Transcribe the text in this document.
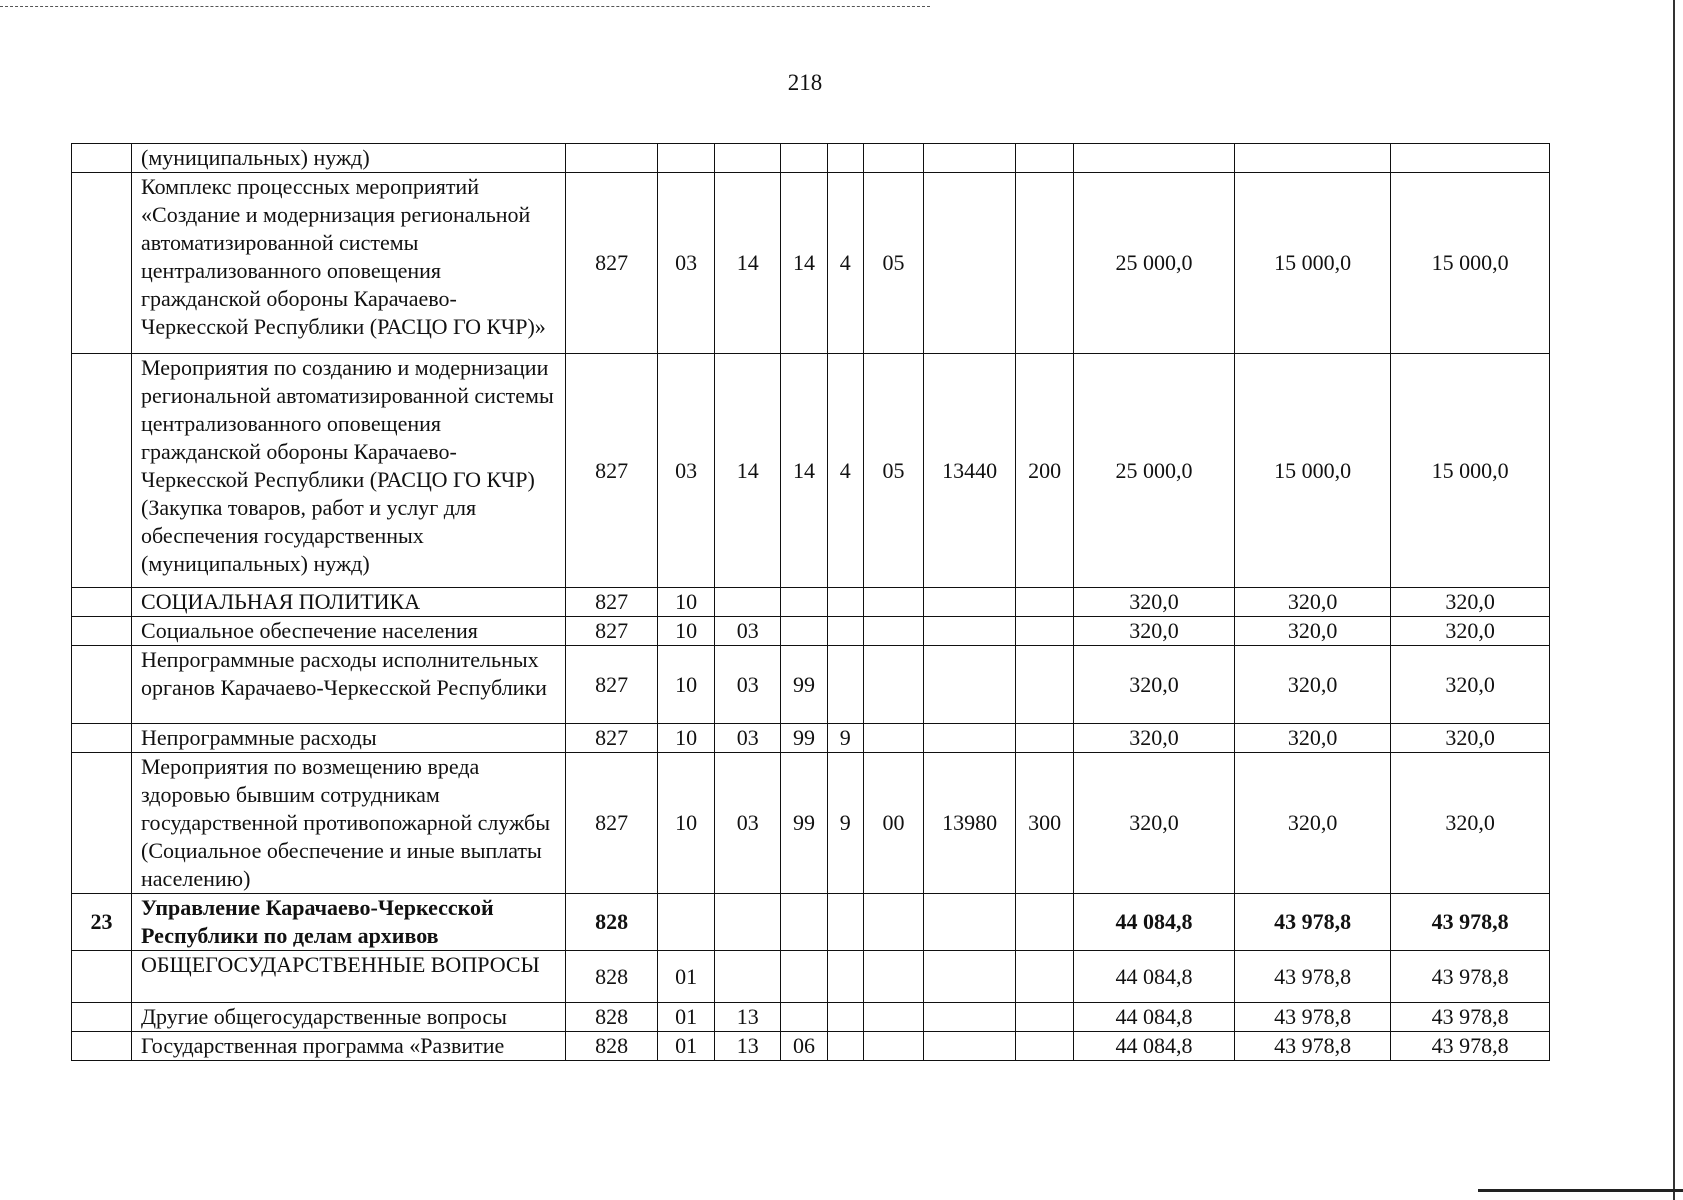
218
	(муниципальных) нужд)											
	Комплекс процессных мероприятий «Создание и модернизация региональной автоматизированной системы централизованного оповещения гражданской обороны Карачаево-Черкесской Республики (РАСЦО ГО КЧР)»	827	03	14	14	4	05			25 000,0	15 000,0	15 000,0
	Мероприятия по созданию и модернизации региональной автоматизированной системы централизованного оповещения гражданской обороны Карачаево-Черкесской Республики (РАСЦО ГО КЧР) (Закупка товаров, работ и услуг для обеспечения государственных (муниципальных) нужд)	827	03	14	14	4	05	13440	200	25 000,0	15 000,0	15 000,0
	СОЦИАЛЬНАЯ ПОЛИТИКА	827	10							320,0	320,0	320,0
	Социальное обеспечение населения	827	10	03						320,0	320,0	320,0
	Непрограммные расходы исполнительных органов Карачаево-Черкесской Республики	827	10	03	99					320,0	320,0	320,0
	Непрограммные расходы	827	10	03	99	9				320,0	320,0	320,0
	Мероприятия по возмещению вреда здоровью бывшим сотрудникам государственной противопожарной службы (Социальное обеспечение и иные выплаты населению)	827	10	03	99	9	00	13980	300	320,0	320,0	320,0
23	Управление Карачаево-Черкесской Республики по делам архивов	828								44 084,8	43 978,8	43 978,8
	ОБЩЕГОСУДАРСТВЕННЫЕ ВОПРОСЫ	828	01							44 084,8	43 978,8	43 978,8
	Другие общегосударственные вопросы	828	01	13						44 084,8	43 978,8	43 978,8
	Государственная программа «Развитие	828	01	13	06					44 084,8	43 978,8	43 978,8
